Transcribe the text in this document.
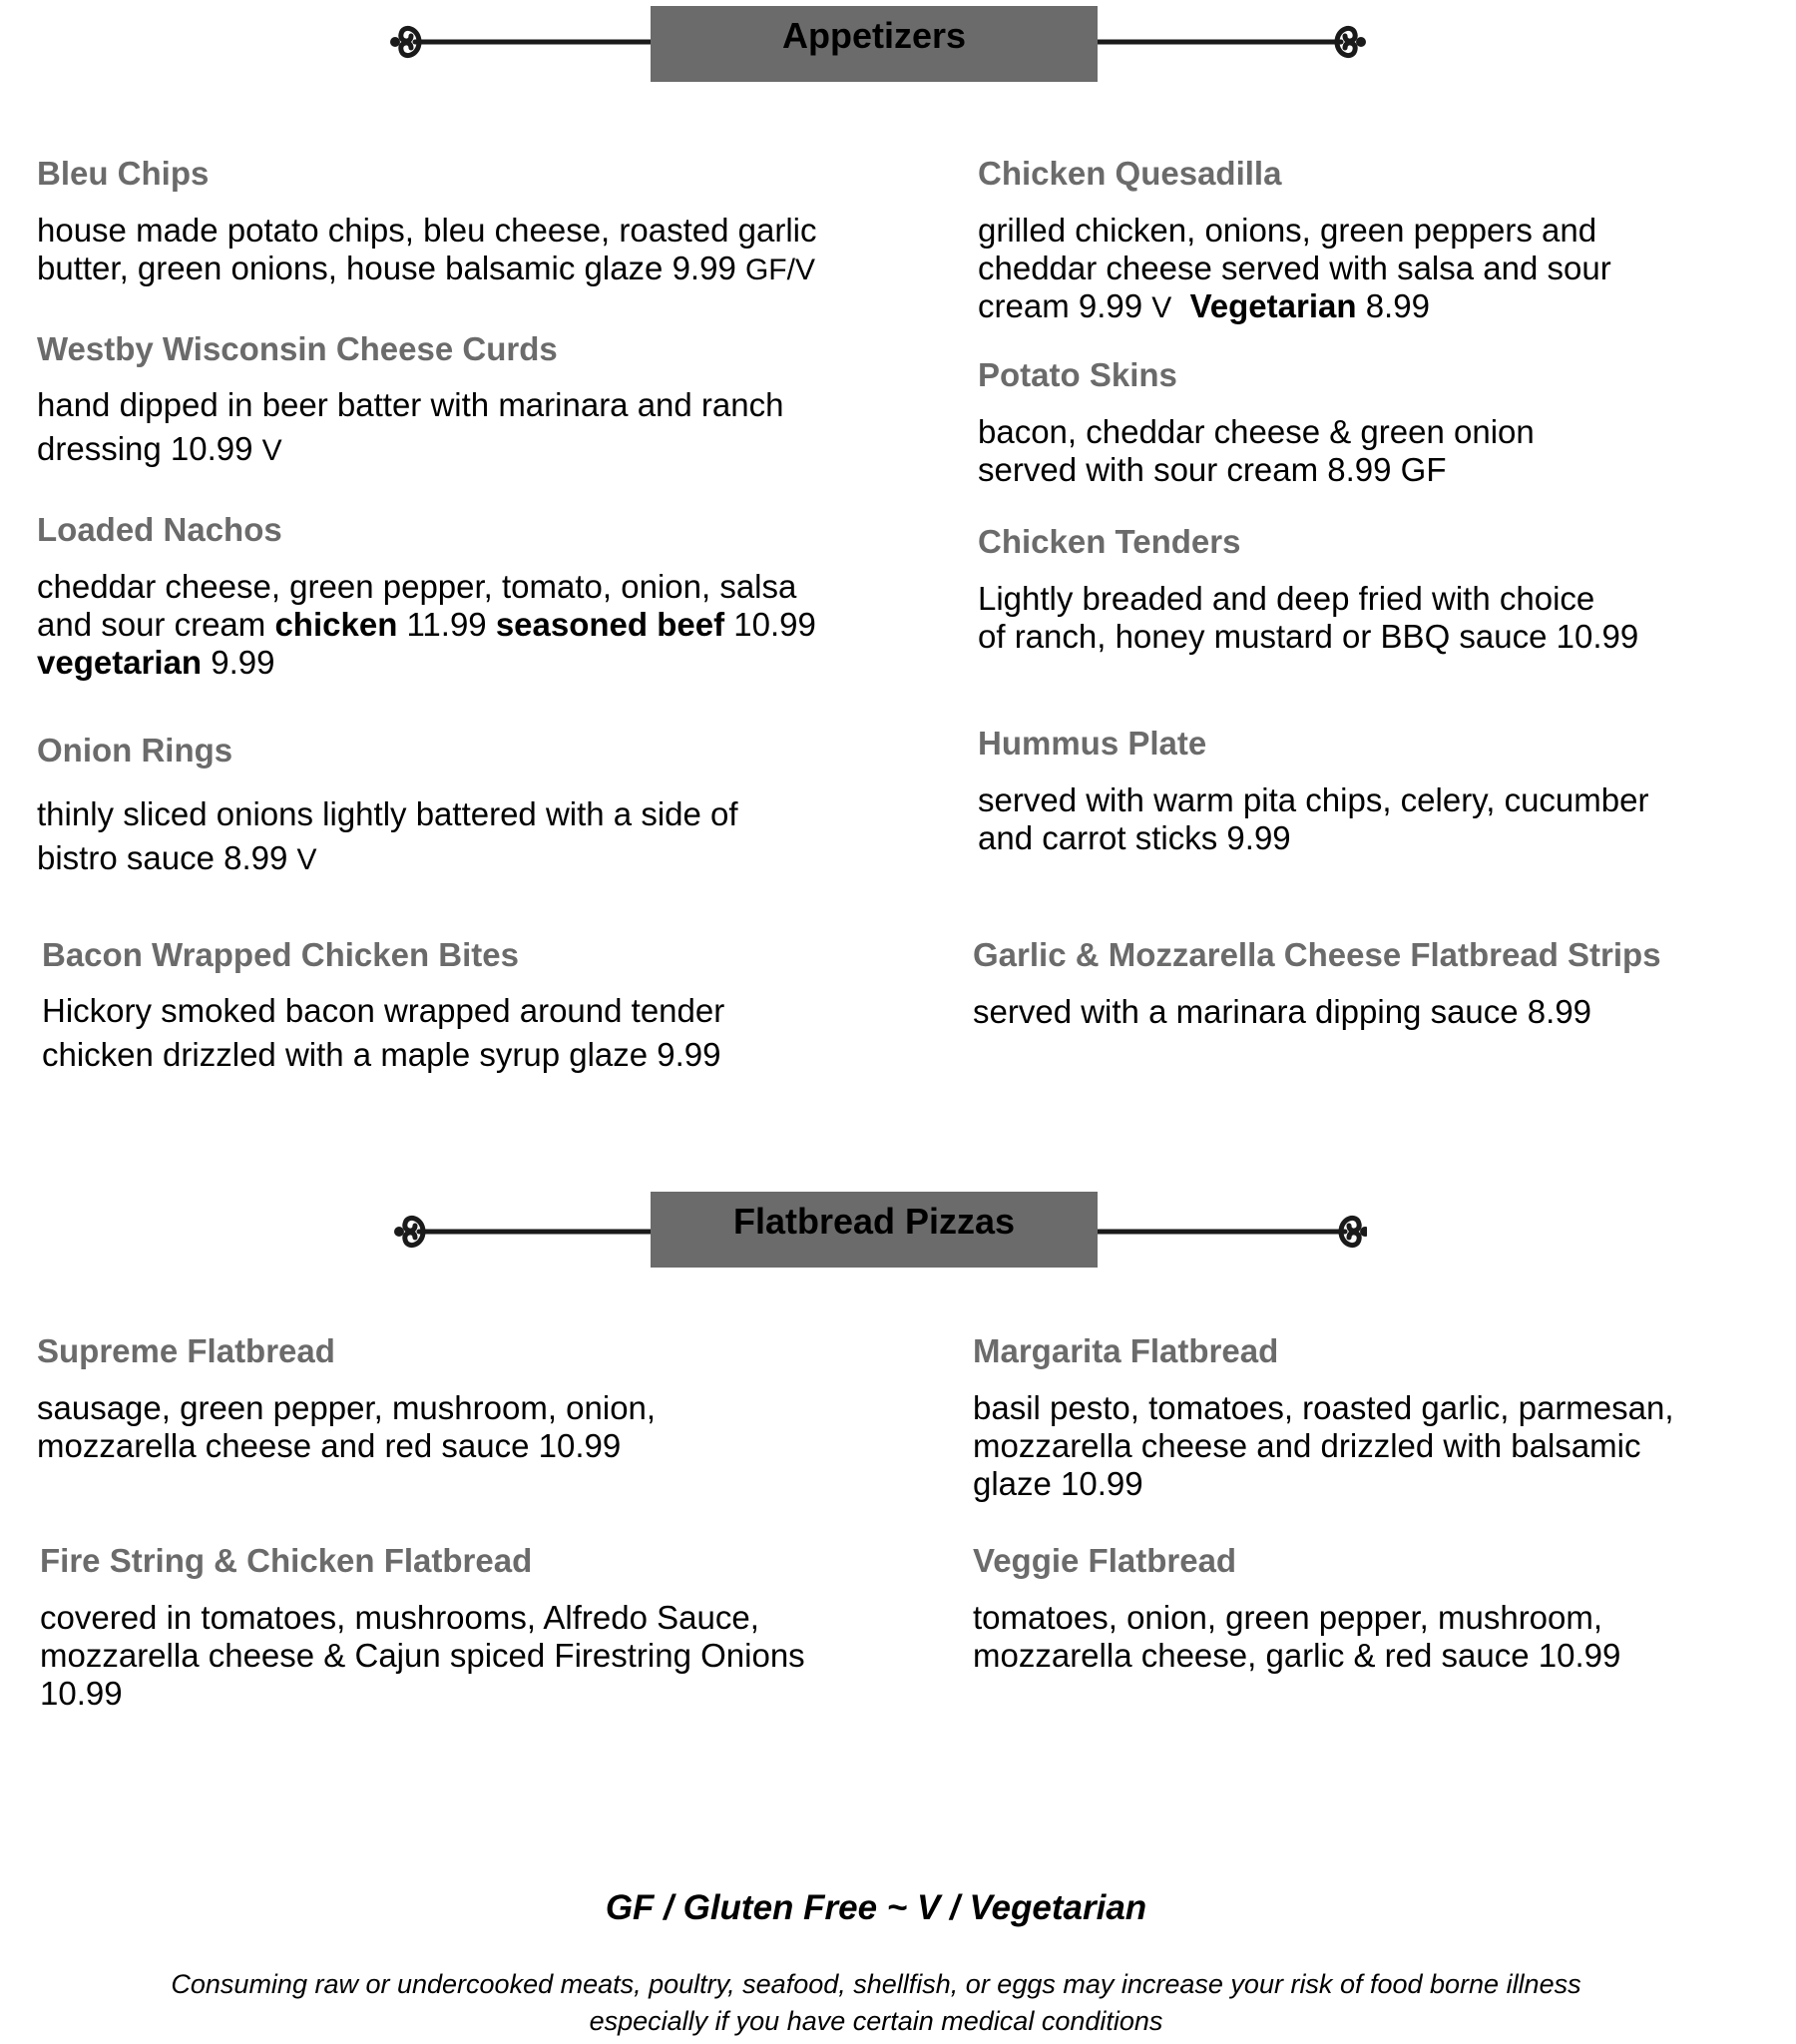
Appetizers
Bleu Chips
house made potato chips, bleu cheese, roasted garlic
butter, green onions, house balsamic glaze 9.99 GF/V
Westby Wisconsin Cheese Curds
hand dipped in beer batter with marinara and ranch
dressing 10.99 V
Loaded Nachos
cheddar cheese, green pepper, tomato, onion, salsa
and sour cream chicken 11.99 seasoned beef 10.99
vegetarian 9.99
Onion Rings
thinly sliced onions lightly battered with a side of
bistro sauce 8.99 V
Bacon Wrapped Chicken Bites
Hickory smoked bacon wrapped around tender
chicken drizzled with a maple syrup glaze 9.99
Chicken Quesadilla
grilled chicken, onions, green peppers and
cheddar cheese served with salsa and sour
cream 9.99 V Vegetarian 8.99
Potato Skins
bacon, cheddar cheese & green onion
served with sour cream 8.99 GF
Chicken Tenders
Lightly breaded and deep fried with choice
of ranch, honey mustard or BBQ sauce 10.99
Hummus Plate
served with warm pita chips, celery, cucumber
and carrot sticks 9.99
Garlic & Mozzarella Cheese Flatbread Strips
served with a marinara dipping sauce 8.99
Flatbread Pizzas
Supreme Flatbread
sausage, green pepper, mushroom, onion,
mozzarella cheese and red sauce 10.99
Fire String & Chicken Flatbread
covered in tomatoes, mushrooms, Alfredo Sauce,
mozzarella cheese & Cajun spiced Firestring Onions
10.99
Margarita Flatbread
basil pesto, tomatoes, roasted garlic, parmesan,
mozzarella cheese and drizzled with balsamic
glaze 10.99
Veggie Flatbread
tomatoes, onion, green pepper, mushroom,
mozzarella cheese, garlic & red sauce 10.99
GF / Gluten Free ~ V / Vegetarian
Consuming raw or undercooked meats, poultry, seafood, shellfish, or eggs may increase your risk of food borne illness
especially if you have certain medical conditions
